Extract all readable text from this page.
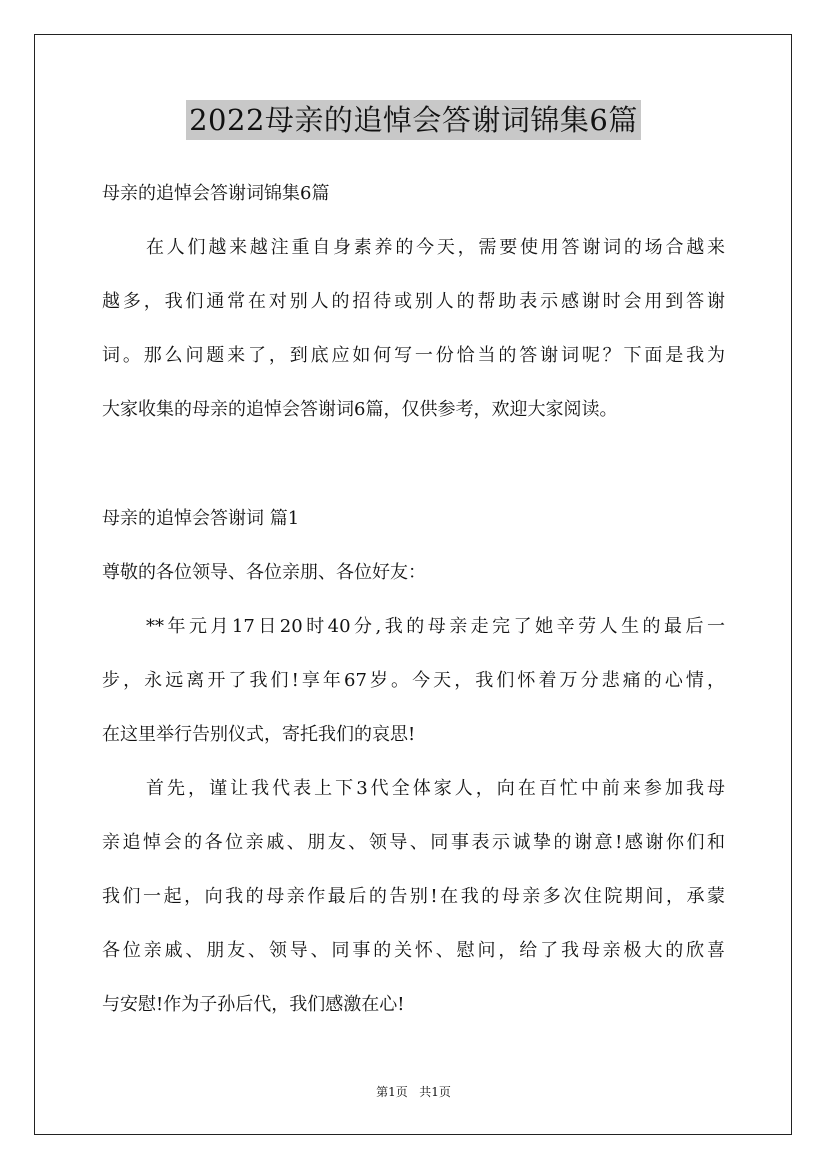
2022母亲的追悼会答谢词锦集6篇
母亲的追悼会答谢词锦集6篇
在人们越来越注重自身素养的今天，需要使用答谢词的场合越来
越多，我们通常在对别人的招待或别人的帮助表示感谢时会用到答谢
词。那么问题来了，到底应如何写一份恰当的答谢词呢？下面是我为
大家收集的母亲的追悼会答谢词6篇，仅供参考，欢迎大家阅读。
母亲的追悼会答谢词 篇1
尊敬的各位领导、各位亲朋、各位好友：
**年元月17日20时40分,我的母亲走完了她辛劳人生的最后一
步，永远离开了我们!享年67岁。今天，我们怀着万分悲痛的心情，
在这里举行告别仪式，寄托我们的哀思!
首先，谨让我代表上下3代全体家人，向在百忙中前来参加我母
亲追悼会的各位亲戚、朋友、领导、同事表示诚挚的谢意!感谢你们和
我们一起，向我的母亲作最后的告别!在我的母亲多次住院期间，承蒙
各位亲戚、朋友、领导、同事的关怀、慰问，给了我母亲极大的欣喜
与安慰!作为子孙后代，我们感激在心!
第1页 共1页
